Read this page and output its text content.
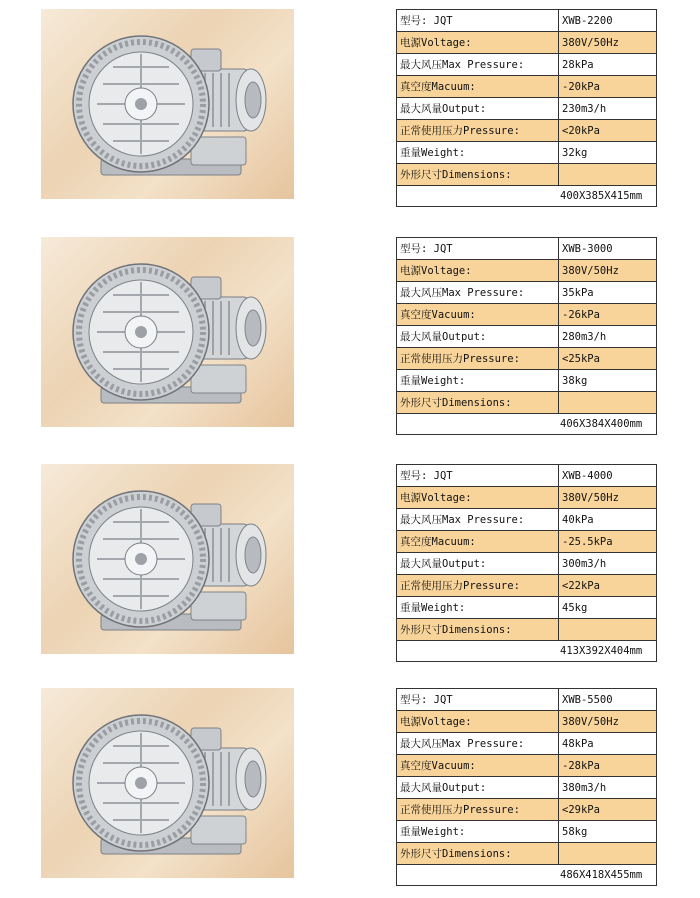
型号: JQT	XWB-2200
电源Voltage:	380V/50Hz
最大风压Max Pressure:	28kPa
真空度Macuum:	-20kPa
最大风量Output:	230m3/h
正常使用压力Pressure:	<20kPa
重量Weight:	32kg
外形尺寸Dimensions:	
400X385X415mm	
型号: JQT	XWB-3000
电源Voltage:	380V/50Hz
最大风压Max Pressure:	35kPa
真空度Vacuum:	-26kPa
最大风量Output:	280m3/h
正常使用压力Pressure:	<25kPa
重量Weight:	38kg
外形尺寸Dimensions:	
406X384X400mm	
型号: JQT	XWB-4000
电源Voltage:	380V/50Hz
最大风压Max Pressure:	40kPa
真空度Macuum:	-25.5kPa
最大风量Output:	300m3/h
正常使用压力Pressure:	<22kPa
重量Weight:	45kg
外形尺寸Dimensions:	
413X392X404mm	
型号: JQT	XWB-5500
电源Voltage:	380V/50Hz
最大风压Max Pressure:	48kPa
真空度Vacuum:	-28kPa
最大风量Output:	380m3/h
正常使用压力Pressure:	<29kPa
重量Weight:	58kg
外形尺寸Dimensions:	
486X418X455mm	
